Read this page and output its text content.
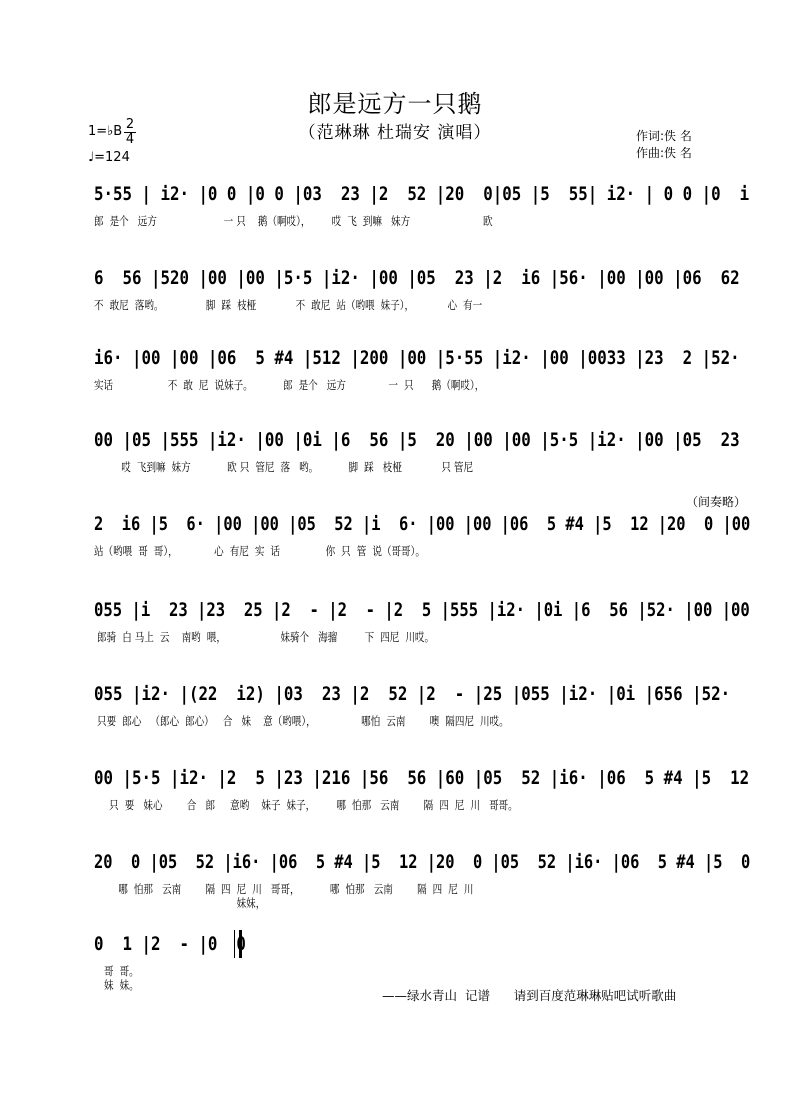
郎是远方一只鹅
（范琳琳 杜瑞安 演唱）
1=♭B 2
4
♩=124
作词:佚 名
作曲:佚 名
（间奏略）
5·55 | i2· |0 0 |0 0 |03  23 |2  52 |20  0|05 |5  55| i2· | 0 0 |0  i
郎  是个   远方                      一 只    鹅（啊哎），       哎  飞  到嘛   妹方                        欧
6  56 |520 |00 |00 |5·5 |i2· |00 |05  23 |2  i6 |56· |00 |00 |06  62
不  敢尼  落哟。              脚  踩  枝桠             不  敢尼  站（哟喂  妹子），           心  有一
i6· |00 |00 |06  5 #4 |512 |200 |00 |5·55 |i2· |00 |0033 |23  2 |52·
实话                  不  敢  尼  说妹子。          郎  是个   远方              一  只      鹅（啊哎），
00 |05 |555 |i2· |00 |0i |6  56 |5  20 |00 |00 |5·5 |i2· |00 |05  23
哎  飞到嘛  妹方            欧 只  管尼  落   哟。          脚  踩   枝桠             只 管尼
2  i6 |5  6· |00 |00 |05  52 |i  6· |00 |00 |06  5 #4 |5  12 |20  0 |00
站（哟喂  哥  哥），            心  有尼  实  话               你  只  管  说（哥哥）。
055 |i  23 |23  25 |2  - |2  - |2  5 |555 |i2· |0i |6  56 |52· |00 |00
郎骑  白 马上  云    南哟  喂，                  妹骑个   海骝         下  四尼  川哎。
055 |i2· |(22  i2) |03  23 |2  52 |2  - |25 |055 |i2· |0i |656 |52·
只要  郎心   （郎心  郎心）   合   妹    意（哟喂），               哪怕  云南        噢  隔四尼  川哎。
00 |5·5 |i2· |2  5 |23 |216 |56  56 |60 |05  52 |i6· |06  5 #4 |5  12
只  要   妹心        合   郎     意哟    妹子  妹子，       哪  怕那   云南        隔  四  尼  川   哥哥。
20  0 |05  52 |i6· |06  5 #4 |5  12 |20  0 |05  52 |i6· |06  5 #4 |5  0
哪  怕那   云南        隔  四  尼  川   哥哥，          哪  怕那   云南        隔  四  尼  川
妹妹，
0  1 |2  - |0  0
哥  哥。
妹  妹。
——绿水青山  记谱      请到百度范琳琳贴吧试听歌曲
